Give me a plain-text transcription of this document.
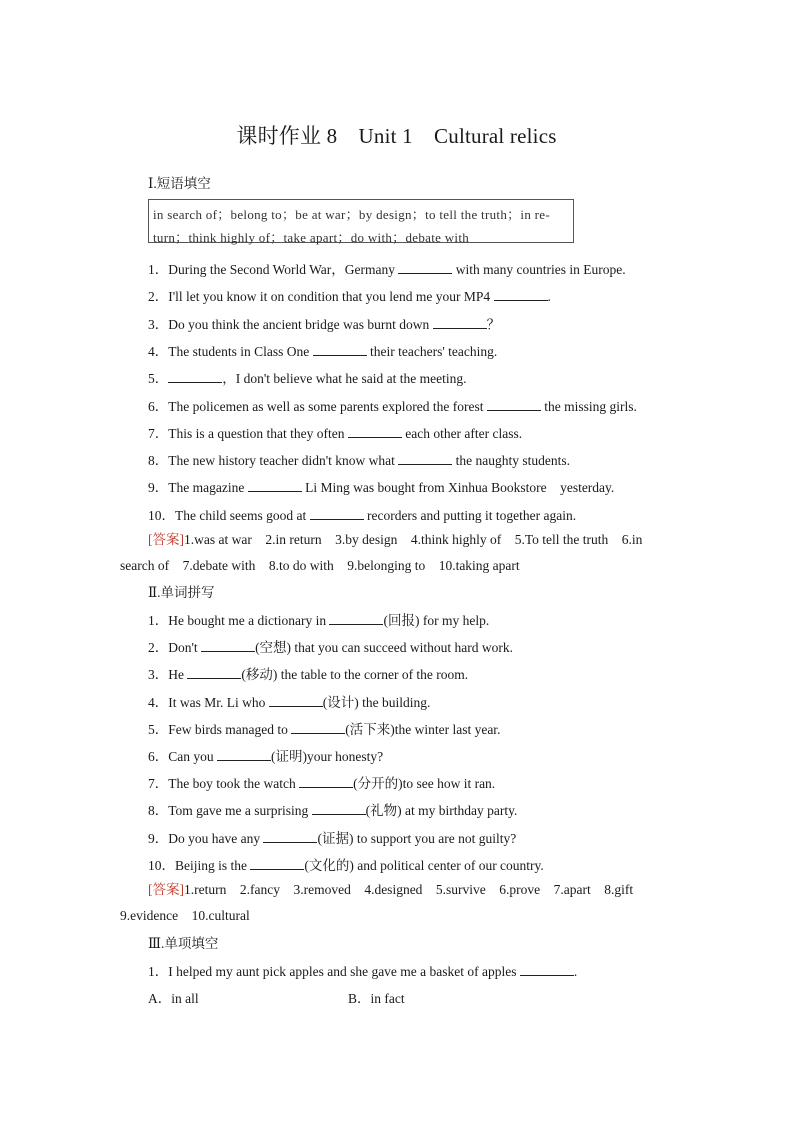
课时作业 8　Unit 1　Cultural relics
Ⅰ.短语填空
in search of；belong to；be at war；by design；to tell the truth；in re-
turn；think highly of；take apart；do with；debate with
1．During the Second World War，Germany	with many countries in Europe.
2．I'll let you know it on condition that you lend me your MP4	.
3．Do you think the ancient bridge was burnt down	？
4．The students in Class One	their teachers' teaching.
5．	，I don't believe what he said at the meeting.
6．The policemen as well as some parents explored the forest	the missing girls.
7．This is a question that they often	each other after class.
8．The new history teacher didn't know what	the naughty students.
9．The magazine	Li Ming was bought from Xinhua Bookstore　yesterday.
10．The child seems good at	recorders and putting it together again.
[答案]1.was at war　2.in return　3.by design　4.think highly of　5.To tell the truth　6.in
search of　7.debate with　8.to do with　9.belonging to　10.taking apart
Ⅱ.单词拼写
1．He bought me a dictionary in	(回报) for my help.
2．Don't	(空想) that you can succeed without hard work.
3．He	(移动) the table to the corner of the room.
4．It was Mr. Li who	(设计) the building.
5．Few birds managed to	(活下来)the winter last year.
6．Can you	(证明)your honesty?
7．The boy took the watch	(分开的)to see how it ran.
8．Tom gave me a surprising	(礼物) at my birthday party.
9．Do you have any	(证据) to support you are not guilty?
10．Beijing is the	(文化的) and political center of our country.
[答案]1.return　2.fancy　3.removed　4.designed　5.survive　6.prove　7.apart　8.gift
9.evidence　10.cultural
Ⅲ.单项填空
1．I helped my aunt pick apples and she gave me a basket of apples	.
A．in all	B．in fact
